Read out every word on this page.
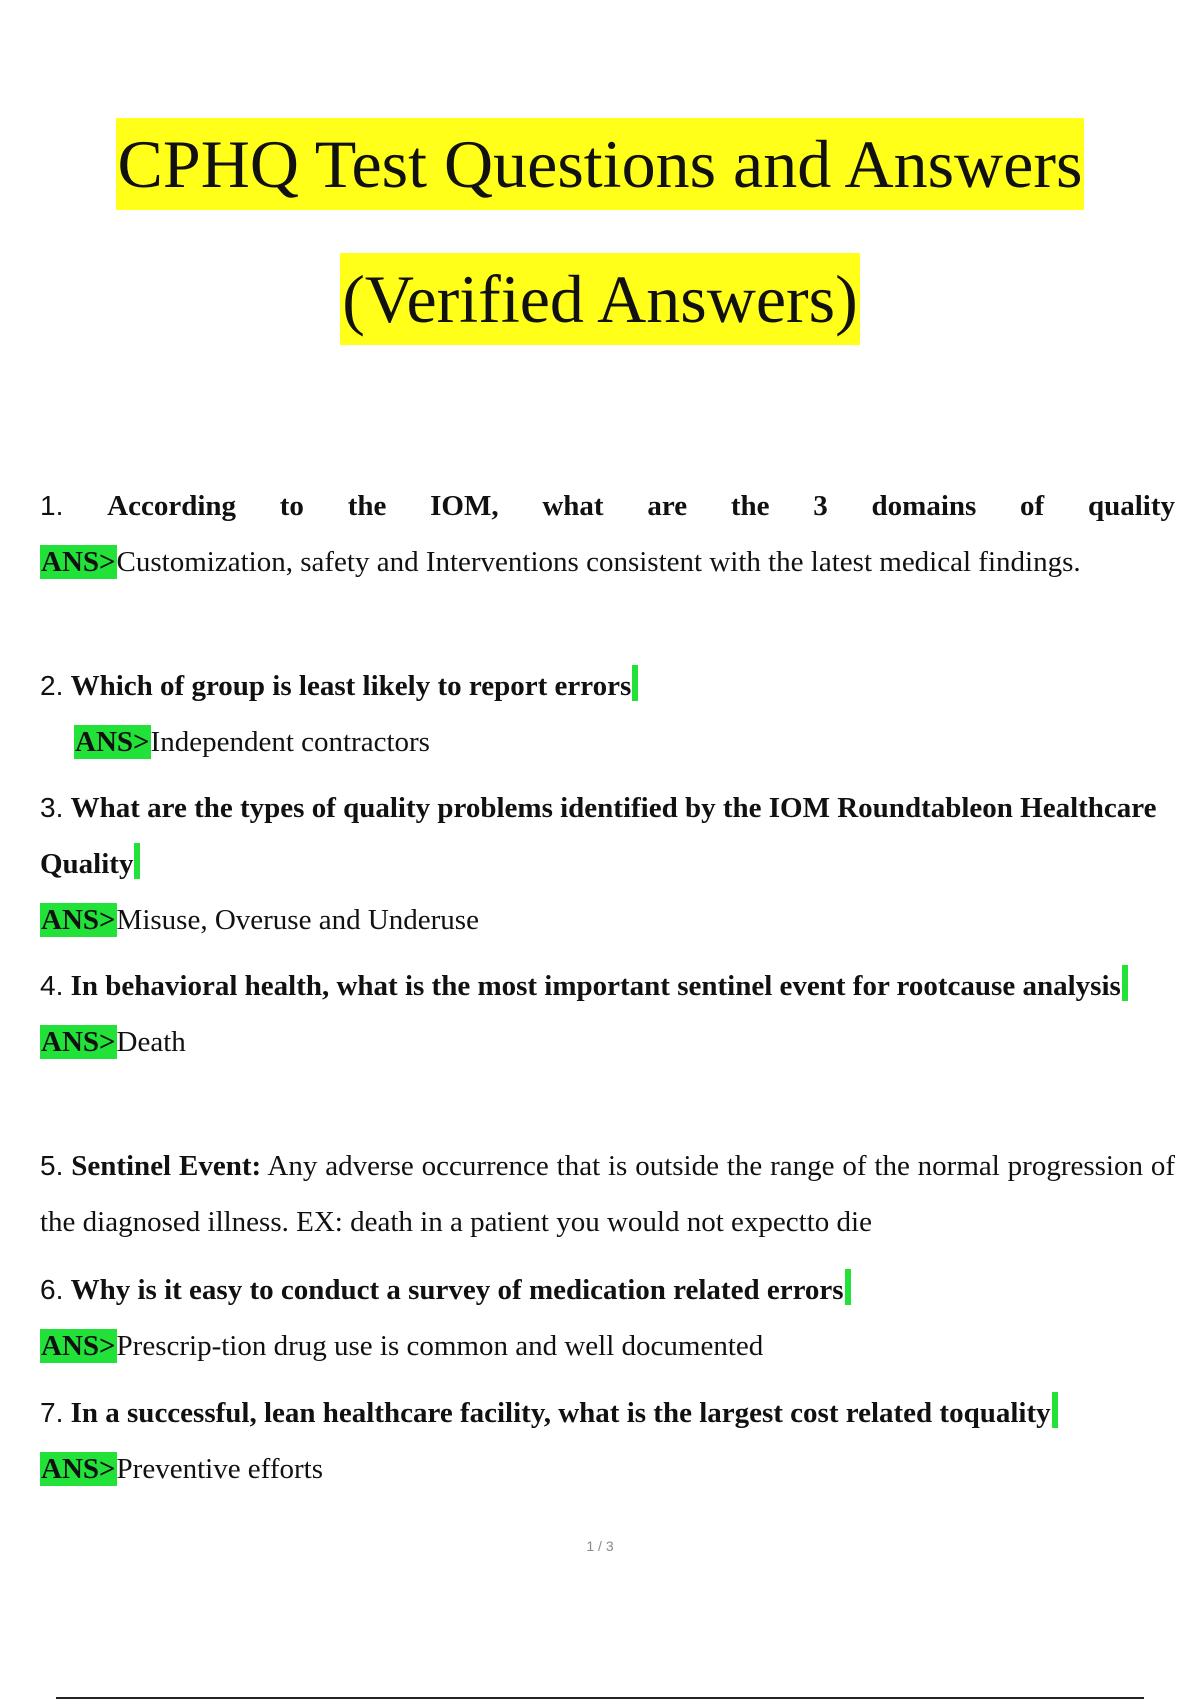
CPHQ Test Questions and Answers
(Verified Answers)
1. According to the IOM, what are the 3 domains of quality
ANS>Customization, safety and Interventions consistent with the latest medical findings.
2. Which of group is least likely to report errors
ANS>Independent contractors
3. What are the types of quality problems identified by the IOM Roundtableon Healthcare Quality
ANS>Misuse, Overuse and Underuse
4. In behavioral health, what is the most important sentinel event for rootcause analysis
ANS>Death
5. Sentinel Event: Any adverse occurrence that is outside the range of the normal progression of the diagnosed illness. EX: death in a patient you would not expectto die
6. Why is it easy to conduct a survey of medication related errors
ANS>Prescrip-tion drug use is common and well documented
7. In a successful, lean healthcare facility, what is the largest cost related toquality
ANS>Preventive efforts
1 / 3
